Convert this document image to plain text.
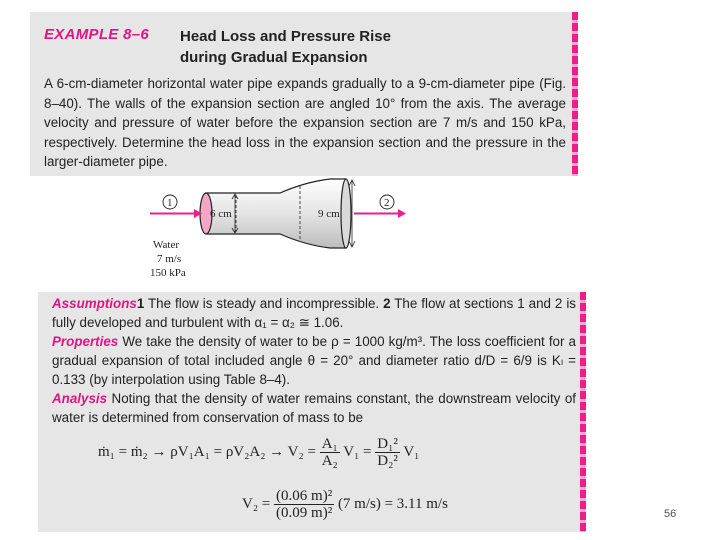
EXAMPLE 8–6 Head Loss and Pressure Rise
during Gradual Expansion
A 6-cm-diameter horizontal water pipe expands gradually to a 9-cm-diameter pipe (Fig. 8–40). The walls of the expansion section are angled 10° from the axis. The average velocity and pressure of water before the expansion section are 7 m/s and 150 kPa, respectively. Determine the head loss in the expansion section and the pressure in the larger-diameter pipe.
6 cm	9 cm
1	2
Water
7 m/s
150 kPa
Assumptions1 The flow is steady and incompressible. 2 The flow at sections 1 and 2 is fully developed and turbulent with α₁ = α₂ ≅ 1.06.
Properties We take the density of water to be ρ = 1000 kg/m³. The loss coefficient for a gradual expansion of total included angle θ = 20° and diameter ratio d/D = 6/9 is Kₗ = 0.133 (by interpolation using Table 8–4).
Analysis Noting that the density of water remains constant, the downstream velocity of water is determined from conservation of mass to be
ṁ₁ = ṁ₂ → $\rho V_1A_1 = \rho V_2A_2 \to V_2 = \frac{\text{A₁}}{\text{A₂}} V_1 = \frac{\text{D₁²}}{\text{D₂²}} V_1$
$V_2 = \frac{\text{(0.06 m)²}}{\text{(0.09 m)²}} (7$ m/s) = 3.11 m/s
56
